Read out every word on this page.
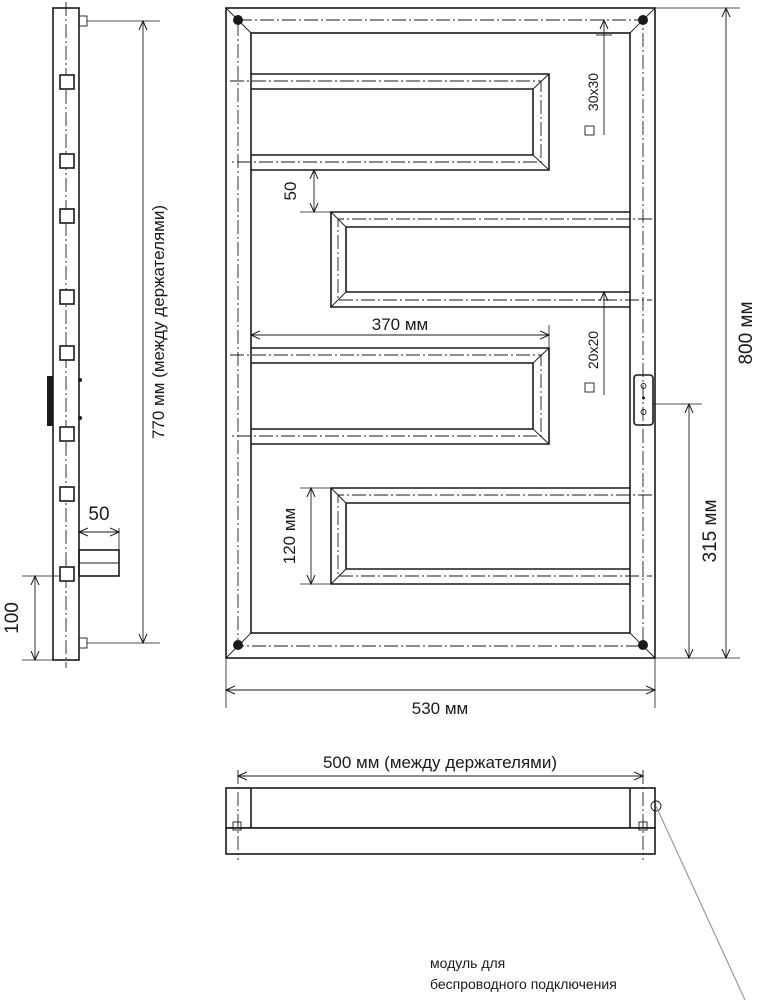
770 мм (между держателями)
50
100
800 мм
315 мм
530 мм
50
370 мм
120 мм
30x30
20x20
500 мм (между держателями)
модуль для
беспроводного подключения
